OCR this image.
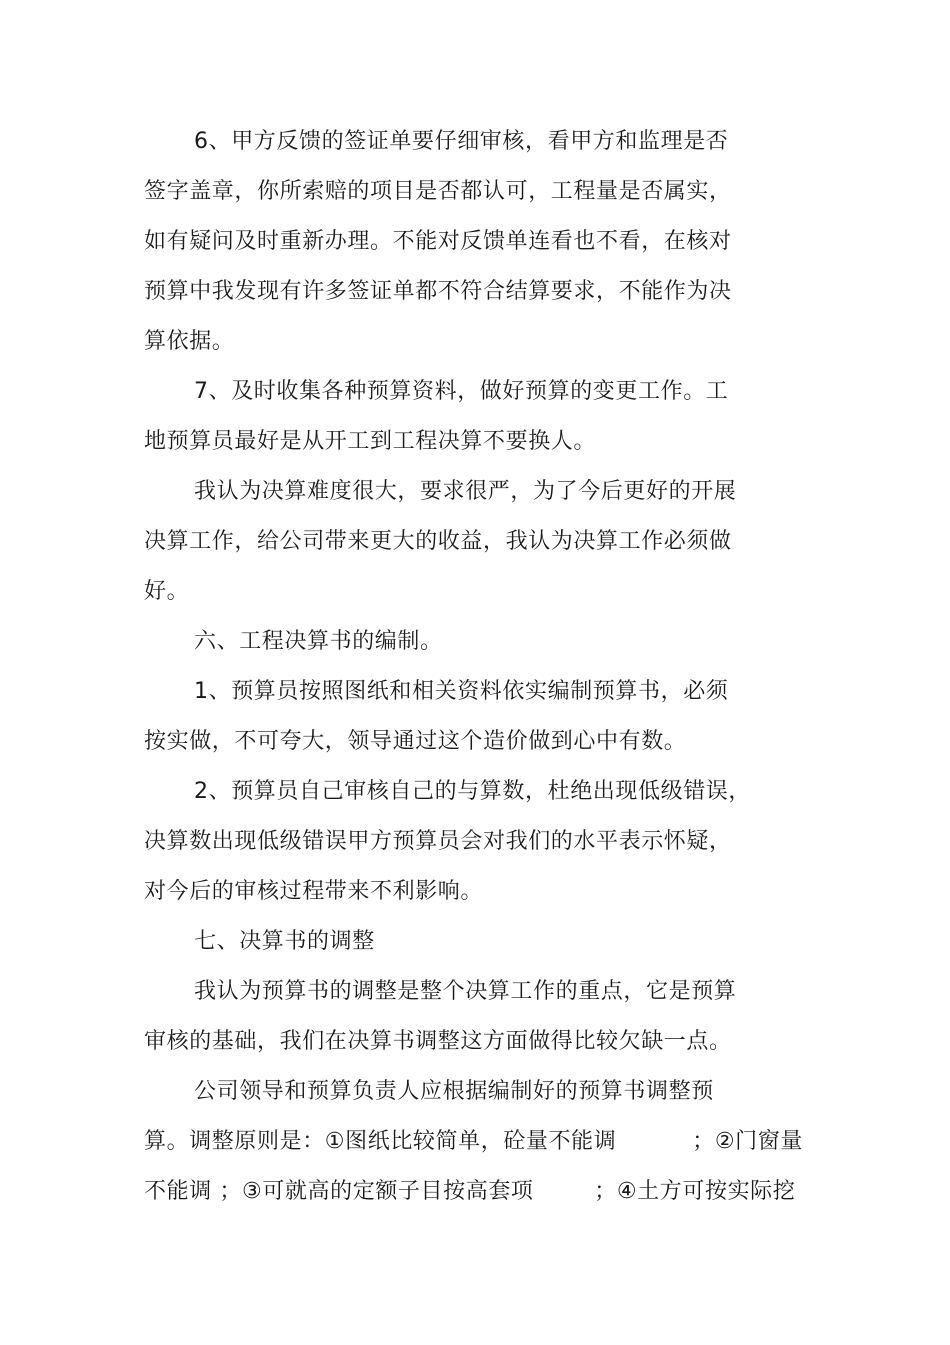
6、甲方反馈的签证单要仔细审核，看甲方和监理是否
签字盖章，你所索赔的项目是否都认可，工程量是否属实，
如有疑问及时重新办理。不能对反馈单连看也不看，在核对
预算中我发现有许多签证单都不符合结算要求，不能作为决
算依据。
7、及时收集各种预算资料，做好预算的变更工作。工
地预算员最好是从开工到工程决算不要换人。
我认为决算难度很大，要求很严，为了今后更好的开展
决算工作，给公司带来更大的收益，我认为决算工作必须做
好。
六、工程决算书的编制。
1、预算员按照图纸和相关资料依实编制预算书，必须
按实做，不可夸大，领导通过这个造价做到心中有数。
2、预算员自己审核自己的与算数，杜绝出现低级错误，
决算数出现低级错误甲方预算员会对我们的水平表示怀疑，
对今后的审核过程带来不利影响。
七、决算书的调整
我认为预算书的调整是整个决算工作的重点，它是预算
审核的基础，我们在决算书调整这方面做得比较欠缺一点。
公司领导和预算负责人应根据编制好的预算书调整预
算。调整原则是：①图纸比较简单，砼量不能调          ；②门窗量
不能调 ；③可就高的定额子目按高套项        ；④土方可按实际挖
